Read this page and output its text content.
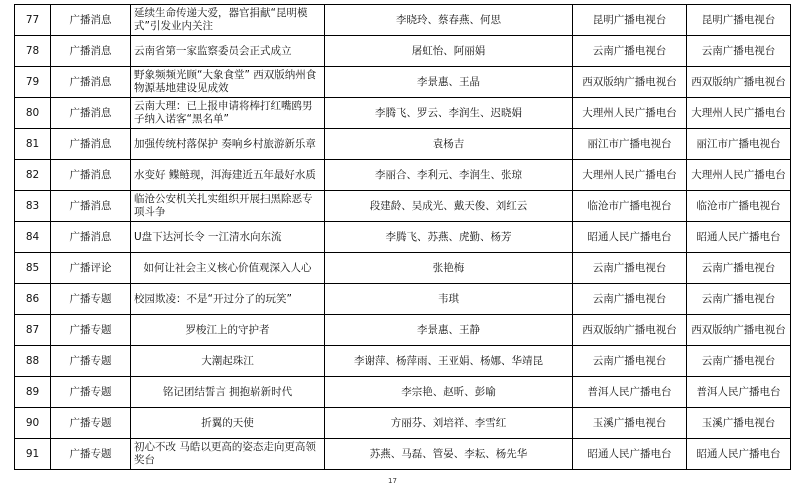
77	广播消息	延续生命传递大爱，器官捐献“昆明模式”引发业内关注	李晓玲、蔡春燕、何思	昆明广播电视台	昆明广播电视台
78	广播消息	云南省第一家监察委员会正式成立	屠虹怡、阿丽娟	云南广播电视台	云南广播电视台
79	广播消息	野象频频光顾“大象食堂” 西双版纳州食物源基地建设见成效	李景惠、王晶	西双版纳广播电视台	西双版纳广播电视台
80	广播消息	云南大理：已上报申请将棒打红嘴鸥男子纳入诺客“黑名单”	李腾飞、罗云、李润生、迟晓娟	大理州人民广播电台	大理州人民广播电台
81	广播消息	加强传统村落保护 奏响乡村旅游新乐章	袁杨吉	丽江市广播电视台	丽江市广播电视台
82	广播消息	水变好 鲽鲢现，洱海建近五年最好水质	李丽合、李利元、李润生、张琼	大理州人民广播电台	大理州人民广播电台
83	广播消息	临沧公安机关扎实组织开展扫黑除恶专项斗争	段建龄、吴成光、戴天俊、刘红云	临沧市广播电视台	临沧市广播电视台
84	广播消息	U盘下达河长令 一江清水向东流	李腾飞、苏燕、虎勤、杨芳	昭通人民广播电台	昭通人民广播电台
85	广播评论	如何让社会主义核心价值观深入人心	张艳梅	云南广播电视台	云南广播电视台
86	广播专题	校园欺凌：不是“开过分了的玩笑”	韦琪	云南广播电视台	云南广播电视台
87	广播专题	罗梭江上的守护者	李景惠、王静	西双版纳广播电视台	西双版纳广播电视台
88	广播专题	大潮起珠江	李谢萍、杨萍雨、王亚娟、杨娜、华靖昆	云南广播电视台	云南广播电视台
89	广播专题	铭记团结誓言 拥抱崭新时代	李宗艳、赵昕、彭喻	普洱人民广播电台	普洱人民广播电台
90	广播专题	折翼的天使	方丽芬、刘培祥、李雪红	玉溪广播电视台	玉溪广播电视台
91	广播专题	初心不改 马皓以更高的姿态走向更高领奖台	苏燕、马磊、管晏、李耘、杨先华	昭通人民广播电台	昭通人民广播电台
17
